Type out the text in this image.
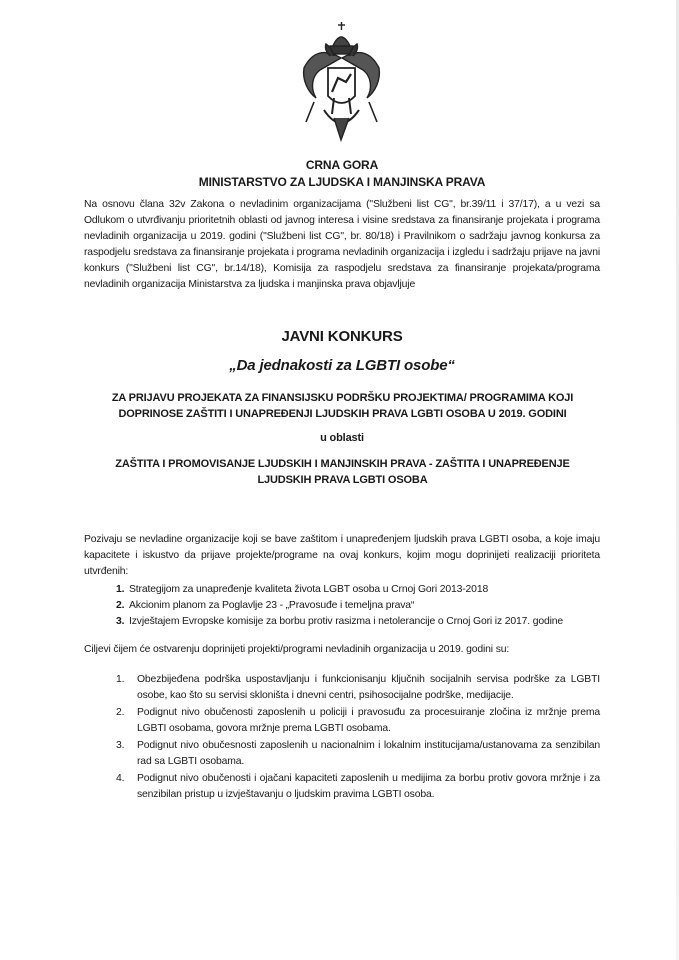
CRNA GORA
MINISTARSTVO ZA LJUDSKA I MANJINSKA PRAVA
Na osnovu člana 32v Zakona o nevladinim organizacijama ("Službeni list CG", br.39/11 i 37/17), a u vezi sa Odlukom o utvrđivanju prioritetnih oblasti od javnog interesa i visine sredstava za finansiranje projekata i programa nevladinih organizacija u 2019. godini ("Službeni list CG", br. 80/18) i Pravilnikom o sadržaju javnog konkursa za raspodjelu sredstava za finansiranje projekata i programa nevladinih organizacija i izgledu i sadržaju prijave na javni konkurs ("Službeni list CG", br.14/18), Komisija za raspodjelu sredstava za finansiranje projekata/programa nevladinih organizacija Ministarstva za ljudska i manjinska prava objavljuje
JAVNI KONKURS
„Da jednakosti za LGBTI osobe“
ZA PRIJAVU PROJEKATA ZA FINANSIJSKU PODRŠKU PROJEKTIMA/ PROGRAMIMA KOJI DOPRINOSE ZAŠTITI I UNAPREĐENJI LJUDSKIH PRAVA LGBTI OSOBA U 2019. GODINI
u oblasti
ZAŠTITA I PROMOVISANJE LJUDSKIH I MANJINSKIH PRAVA - ZAŠTITA I UNAPREĐENJE LJUDSKIH PRAVA LGBTI OSOBA
Pozivaju se nevladine organizacije koji se bave zaštitom i unapređenjem ljudskih prava LGBTI osoba, a koje imaju kapacitete i iskustvo da prijave projekte/programe na ovaj konkurs, kojim mogu doprinijeti realizaciji prioriteta utvrđenih:
1. Strategijom za unapređenje kvaliteta života LGBT osoba u Crnoj Gori 2013-2018
2. Akcionim planom za Poglavlje 23 - „Pravosuđe i temeljna prava“
3. Izvještajem Evropske komisije za borbu protiv rasizma i netolerancije o Crnoj Gori iz 2017. godine
Ciljevi čijem će ostvarenju doprinijeti projekti/programi nevladinih organizacija u 2019. godini su:
1. Obezbijeđena podrška uspostavljanju i funkcionisanju ključnih socijalnih servisa podrške za LGBTI osobe, kao što su servisi skloništa i dnevni centri, psihosocijalne podrške, medijacije.
2. Podignut nivo obučenosti zaposlenih u policiji i pravosuđu za procesuiranje zločina iz mržnje prema LGBTI osobama, govora mržnje prema LGBTI osobama.
3. Podignut nivo obučesnosti zaposlenih u nacionalnim i lokalnim institucijama/ustanovama za senzibilan rad sa LGBTI osobama.
4. Podignut nivo obučenosti i ojačani kapaciteti zaposlenih u medijima za borbu protiv govora mržnje i za senzibilan pristup u izvještavanju o ljudskim pravima LGBTI osoba.
